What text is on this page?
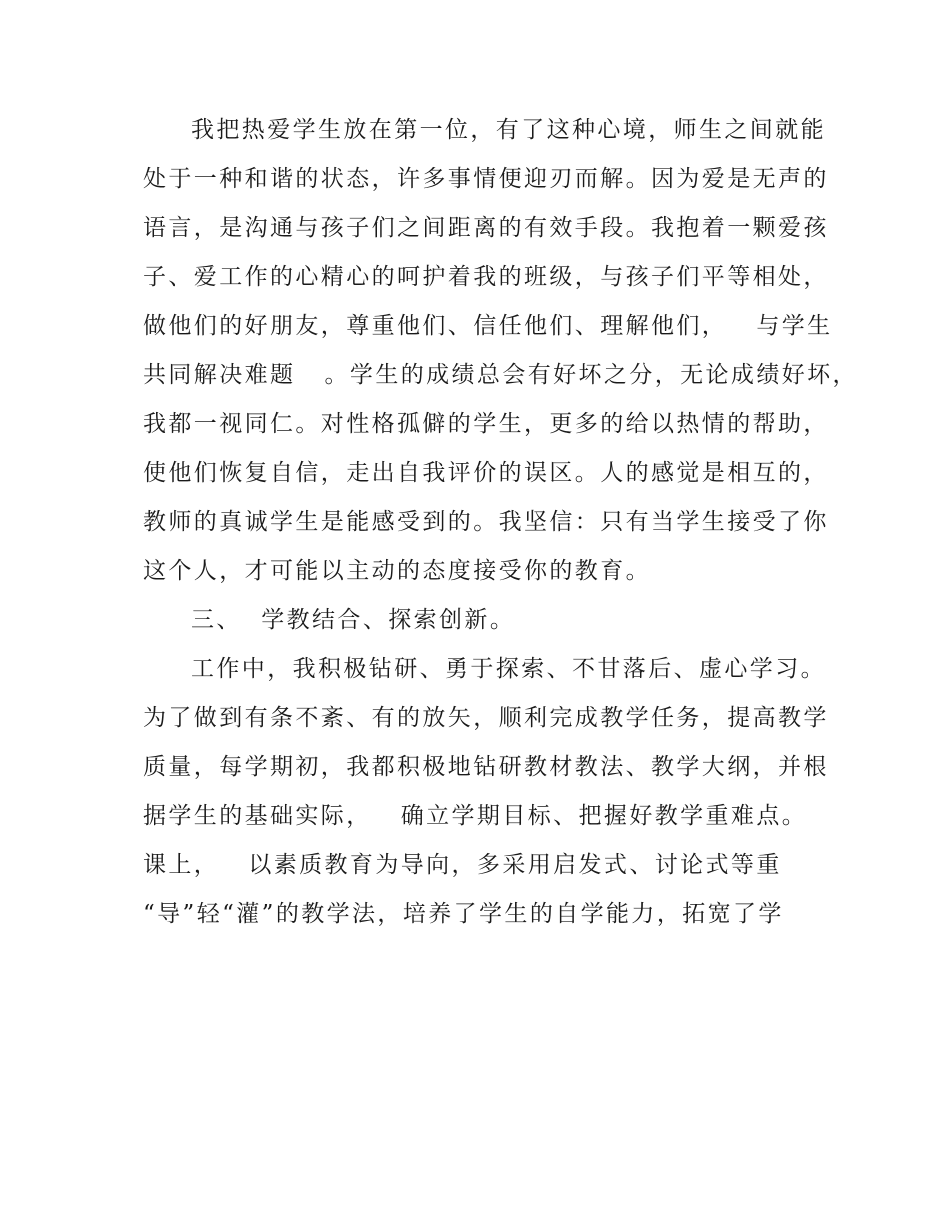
我把热爱学生放在第一位，有了这种心境，师生之间就能
处于一种和谐的状态，许多事情便迎刃而解。因为爱是无声的
语言，是沟通与孩子们之间距离的有效手段。我抱着一颗爱孩
子、爱工作的心精心的呵护着我的班级，与孩子们平等相处，
做他们的好朋友，尊重他们、信任他们、理解他们，   与学生
共同解决难题   。学生的成绩总会有好坏之分，无论成绩好坏，
我都一视同仁。对性格孤僻的学生，更多的给以热情的帮助，
使他们恢复自信，走出自我评价的误区。人的感觉是相互的，
教师的真诚学生是能感受到的。我坚信：只有当学生接受了你
这个人，才可能以主动的态度接受你的教育。
三、  学教结合、探索创新。
工作中，我积极钻研、勇于探索、不甘落后、虚心学习。
为了做到有条不紊、有的放矢，顺利完成教学任务，提高教学
质量，每学期初，我都积极地钻研教材教法、教学大纲，并根
据学生的基础实际，   确立学期目标、把握好教学重难点。
课上，   以素质教育为导向，多采用启发式、讨论式等重
“导”轻“灌”的教学法，培养了学生的自学能力，拓宽了学
